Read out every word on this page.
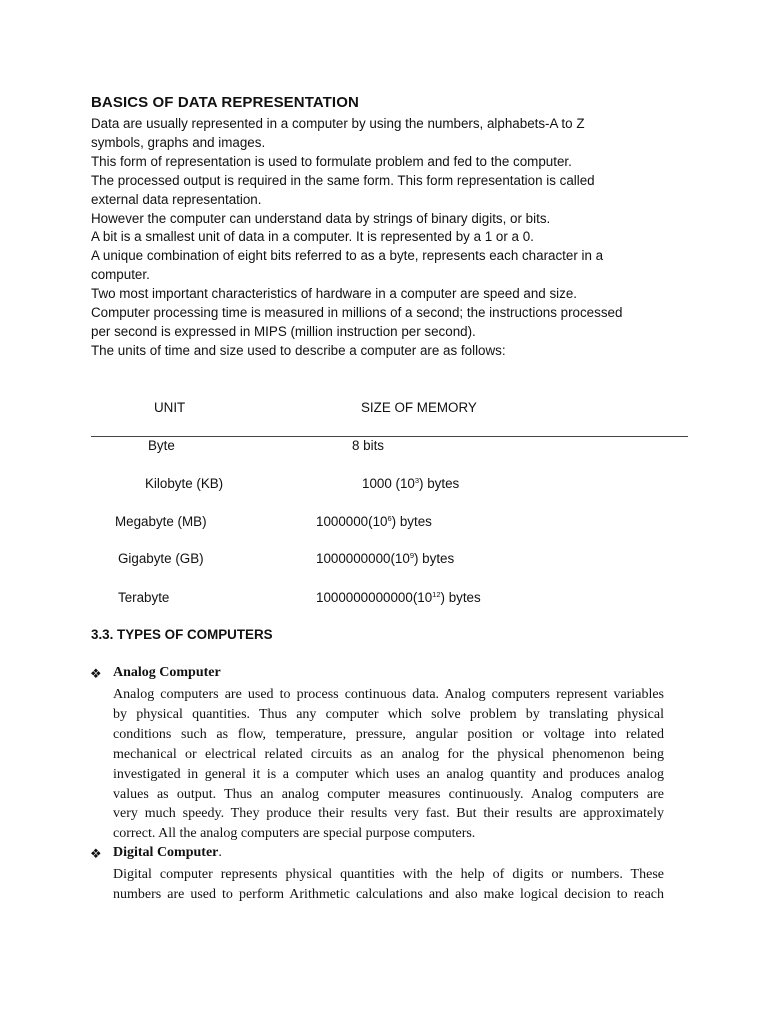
BASICS OF DATA REPRESENTATION
Data are usually represented in a computer by using the numbers, alphabets-A to Z
symbols, graphs and images.
This form of representation is used to formulate problem and fed to the computer.
The processed output is required in the same form. This form representation is called
external data representation.
However the computer can understand data by strings of binary digits, or bits.
A bit is a smallest unit of data in a computer. It is represented by a 1 or a 0.
A unique combination of eight bits referred to as a byte, represents each character in a
computer.
Two most important characteristics of hardware in a computer are speed and size.
Computer processing time is measured in millions of a second; the instructions processed
per second is expressed in MIPS (million instruction per second).
The units of time and size used to describe a computer are as follows:
UNIT	SIZE OF MEMORY
Byte	8 bits
Kilobyte (KB)	1000 $(10^3)$ bytes
Megabyte (MB)	$1000000(10^6)$ bytes
Gigabyte (GB)	$1000000000(10^9)$ bytes
Terabyte	$1000000000000(10^{12})$ bytes
3.3. TYPES OF COMPUTERS
❖ Analog Computer
Analog computers are used to process continuous data. Analog computers represent variables
by physical quantities. Thus any computer which solve problem by translating physical
conditions such as flow, temperature, pressure, angular position or voltage into related
mechanical or electrical related circuits as an analog for the physical phenomenon being
investigated in general it is a computer which uses an analog quantity and produces analog
values as output. Thus an analog computer measures continuously. Analog computers are
very much speedy. They produce their results very fast. But their results are approximately
correct. All the analog computers are special purpose computers.
❖ Digital Computer.
Digital computer represents physical quantities with the help of digits or numbers. These
numbers are used to perform Arithmetic calculations and also make logical decision to reach
